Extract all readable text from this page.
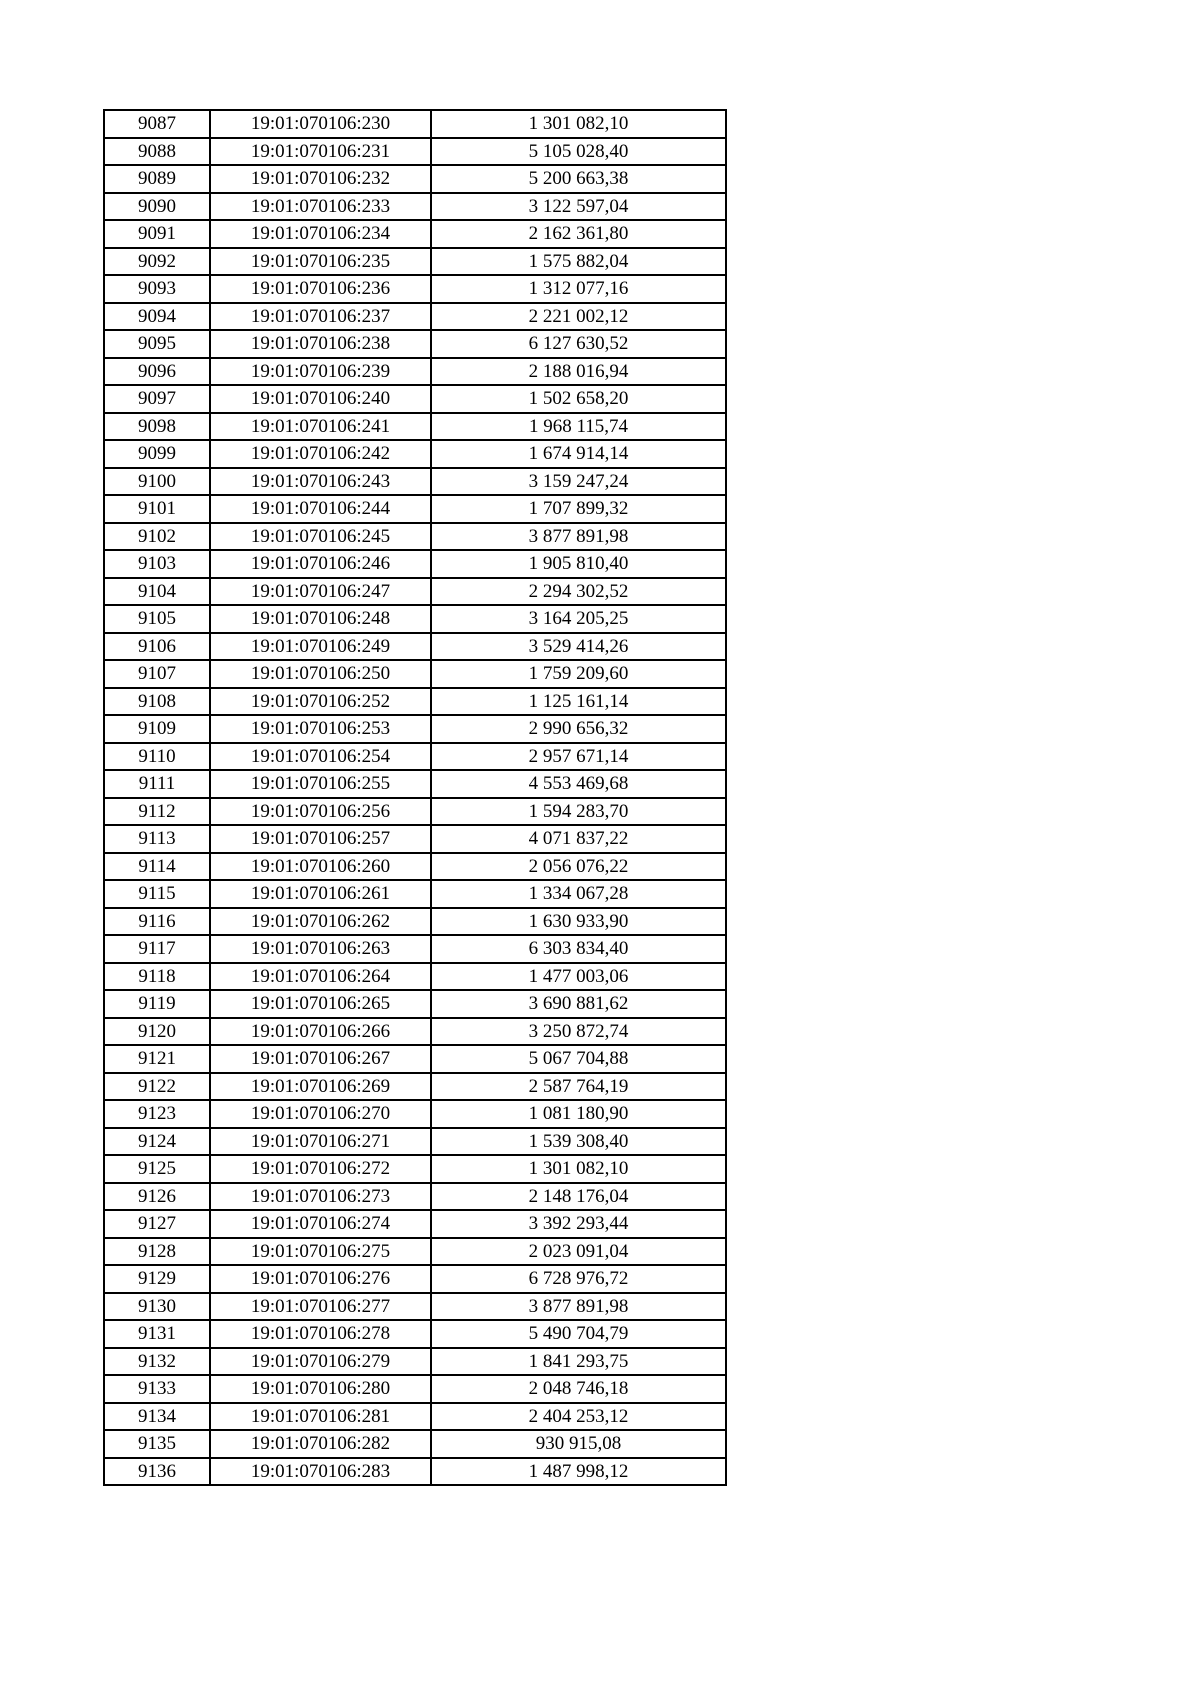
9087	19:01:070106:230	1 301 082,10
9088	19:01:070106:231	5 105 028,40
9089	19:01:070106:232	5 200 663,38
9090	19:01:070106:233	3 122 597,04
9091	19:01:070106:234	2 162 361,80
9092	19:01:070106:235	1 575 882,04
9093	19:01:070106:236	1 312 077,16
9094	19:01:070106:237	2 221 002,12
9095	19:01:070106:238	6 127 630,52
9096	19:01:070106:239	2 188 016,94
9097	19:01:070106:240	1 502 658,20
9098	19:01:070106:241	1 968 115,74
9099	19:01:070106:242	1 674 914,14
9100	19:01:070106:243	3 159 247,24
9101	19:01:070106:244	1 707 899,32
9102	19:01:070106:245	3 877 891,98
9103	19:01:070106:246	1 905 810,40
9104	19:01:070106:247	2 294 302,52
9105	19:01:070106:248	3 164 205,25
9106	19:01:070106:249	3 529 414,26
9107	19:01:070106:250	1 759 209,60
9108	19:01:070106:252	1 125 161,14
9109	19:01:070106:253	2 990 656,32
9110	19:01:070106:254	2 957 671,14
9111	19:01:070106:255	4 553 469,68
9112	19:01:070106:256	1 594 283,70
9113	19:01:070106:257	4 071 837,22
9114	19:01:070106:260	2 056 076,22
9115	19:01:070106:261	1 334 067,28
9116	19:01:070106:262	1 630 933,90
9117	19:01:070106:263	6 303 834,40
9118	19:01:070106:264	1 477 003,06
9119	19:01:070106:265	3 690 881,62
9120	19:01:070106:266	3 250 872,74
9121	19:01:070106:267	5 067 704,88
9122	19:01:070106:269	2 587 764,19
9123	19:01:070106:270	1 081 180,90
9124	19:01:070106:271	1 539 308,40
9125	19:01:070106:272	1 301 082,10
9126	19:01:070106:273	2 148 176,04
9127	19:01:070106:274	3 392 293,44
9128	19:01:070106:275	2 023 091,04
9129	19:01:070106:276	6 728 976,72
9130	19:01:070106:277	3 877 891,98
9131	19:01:070106:278	5 490 704,79
9132	19:01:070106:279	1 841 293,75
9133	19:01:070106:280	2 048 746,18
9134	19:01:070106:281	2 404 253,12
9135	19:01:070106:282	930 915,08
9136	19:01:070106:283	1 487 998,12
